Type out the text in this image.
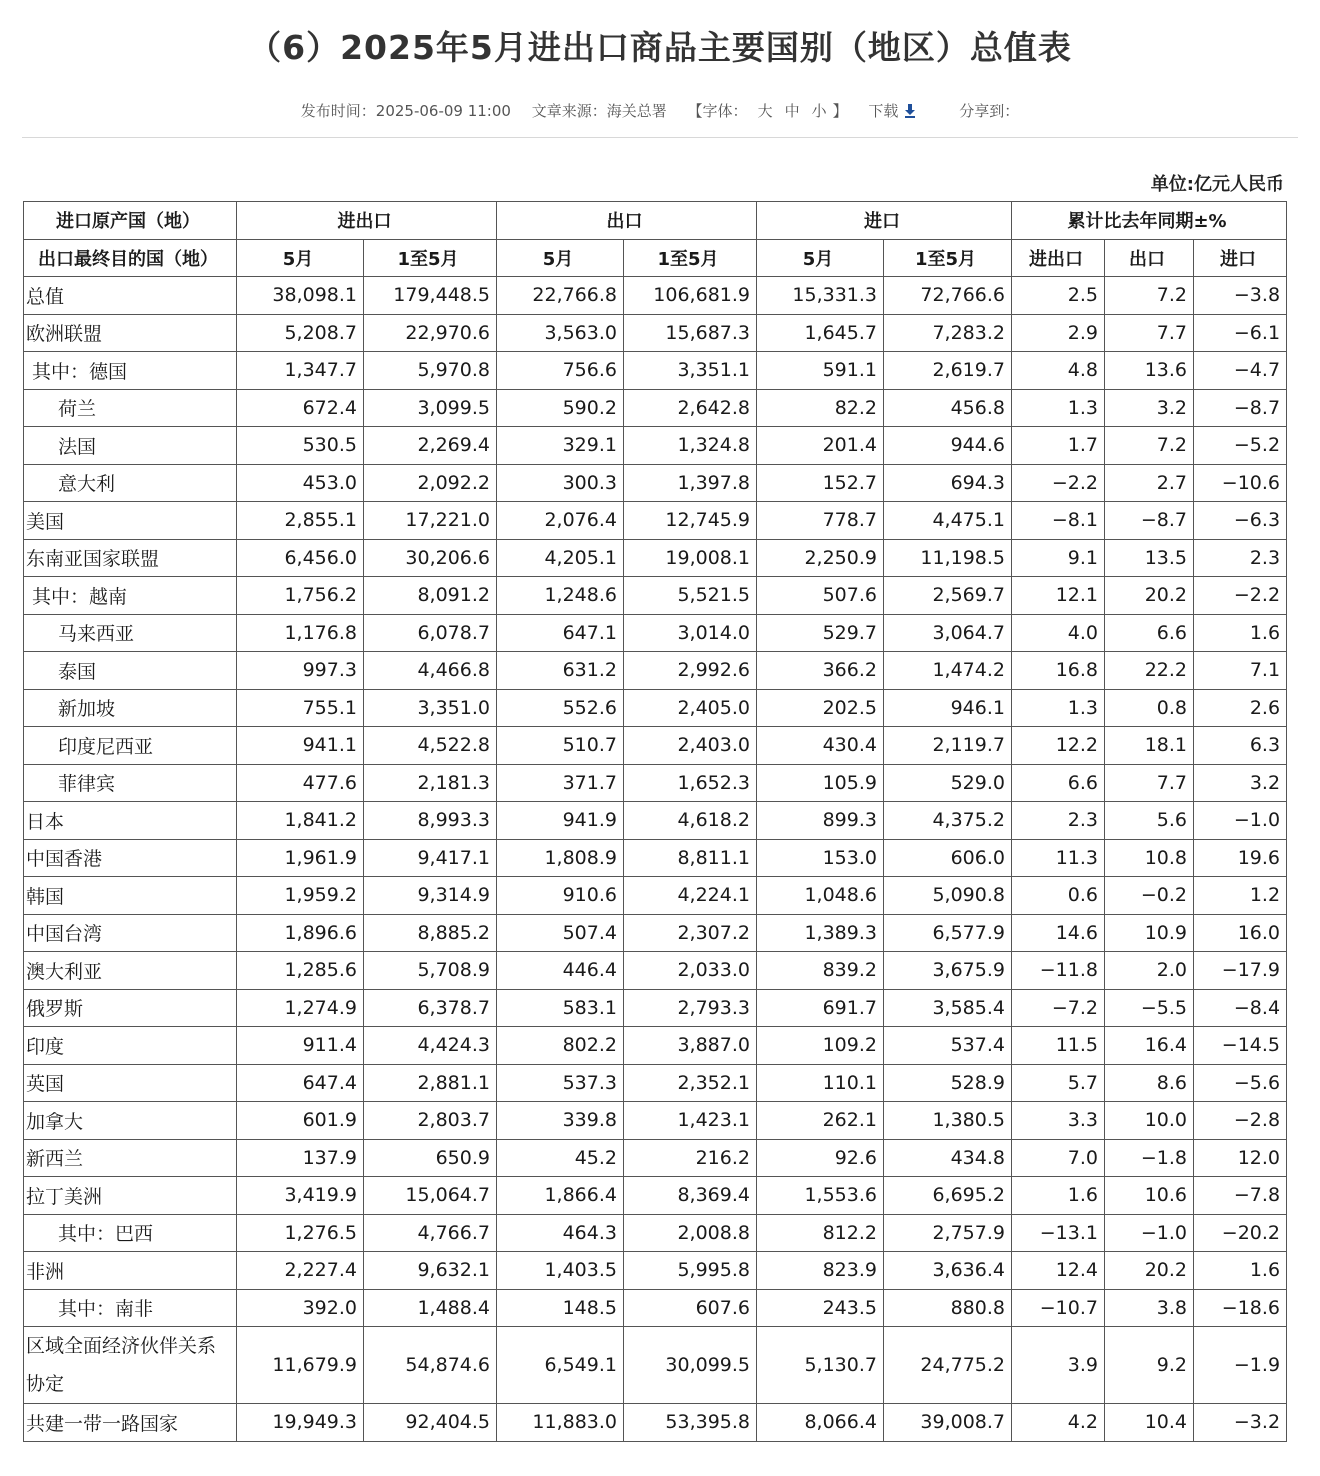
（6）2025年5月进出口商品主要国别（地区）总值表
发布时间：2025-06-09 11:00 文章来源：海关总署 【字体： 大 中 小 】 下载	分享到：
单位:亿元人民币
进口原产国（地）	进出口		出口		进口		累计比去年同期±%		
出口最终目的国（地）	5月	1至5月	5月	1至5月	5月	1至5月	进出口	出口	进口
总值	38,098.1	179,448.5	22,766.8	106,681.9	15,331.3	72,766.6	2.5	7.2	−3.8
欧洲联盟	5,208.7	22,970.6	3,563.0	15,687.3	1,645.7	7,283.2	2.9	7.7	−6.1
其中：德国	1,347.7	5,970.8	756.6	3,351.1	591.1	2,619.7	4.8	13.6	−4.7
荷兰	672.4	3,099.5	590.2	2,642.8	82.2	456.8	1.3	3.2	−8.7
法国	530.5	2,269.4	329.1	1,324.8	201.4	944.6	1.7	7.2	−5.2
意大利	453.0	2,092.2	300.3	1,397.8	152.7	694.3	−2.2	2.7	−10.6
美国	2,855.1	17,221.0	2,076.4	12,745.9	778.7	4,475.1	−8.1	−8.7	−6.3
东南亚国家联盟	6,456.0	30,206.6	4,205.1	19,008.1	2,250.9	11,198.5	9.1	13.5	2.3
其中：越南	1,756.2	8,091.2	1,248.6	5,521.5	507.6	2,569.7	12.1	20.2	−2.2
马来西亚	1,176.8	6,078.7	647.1	3,014.0	529.7	3,064.7	4.0	6.6	1.6
泰国	997.3	4,466.8	631.2	2,992.6	366.2	1,474.2	16.8	22.2	7.1
新加坡	755.1	3,351.0	552.6	2,405.0	202.5	946.1	1.3	0.8	2.6
印度尼西亚	941.1	4,522.8	510.7	2,403.0	430.4	2,119.7	12.2	18.1	6.3
菲律宾	477.6	2,181.3	371.7	1,652.3	105.9	529.0	6.6	7.7	3.2
日本	1,841.2	8,993.3	941.9	4,618.2	899.3	4,375.2	2.3	5.6	−1.0
中国香港	1,961.9	9,417.1	1,808.9	8,811.1	153.0	606.0	11.3	10.8	19.6
韩国	1,959.2	9,314.9	910.6	4,224.1	1,048.6	5,090.8	0.6	−0.2	1.2
中国台湾	1,896.6	8,885.2	507.4	2,307.2	1,389.3	6,577.9	14.6	10.9	16.0
澳大利亚	1,285.6	5,708.9	446.4	2,033.0	839.2	3,675.9	−11.8	2.0	−17.9
俄罗斯	1,274.9	6,378.7	583.1	2,793.3	691.7	3,585.4	−7.2	−5.5	−8.4
印度	911.4	4,424.3	802.2	3,887.0	109.2	537.4	11.5	16.4	−14.5
英国	647.4	2,881.1	537.3	2,352.1	110.1	528.9	5.7	8.6	−5.6
加拿大	601.9	2,803.7	339.8	1,423.1	262.1	1,380.5	3.3	10.0	−2.8
新西兰	137.9	650.9	45.2	216.2	92.6	434.8	7.0	−1.8	12.0
拉丁美洲	3,419.9	15,064.7	1,866.4	8,369.4	1,553.6	6,695.2	1.6	10.6	−7.8
其中：巴西	1,276.5	4,766.7	464.3	2,008.8	812.2	2,757.9	−13.1	−1.0	−20.2
非洲	2,227.4	9,632.1	1,403.5	5,995.8	823.9	3,636.4	12.4	20.2	1.6
其中：南非	392.0	1,488.4	148.5	607.6	243.5	880.8	−10.7	3.8	−18.6
区域全面经济伙伴关系协定	11,679.9	54,874.6	6,549.1	30,099.5	5,130.7	24,775.2	3.9	9.2	−1.9
共建一带一路国家	19,949.3	92,404.5	11,883.0	53,395.8	8,066.4	39,008.7	4.2	10.4	−3.2
